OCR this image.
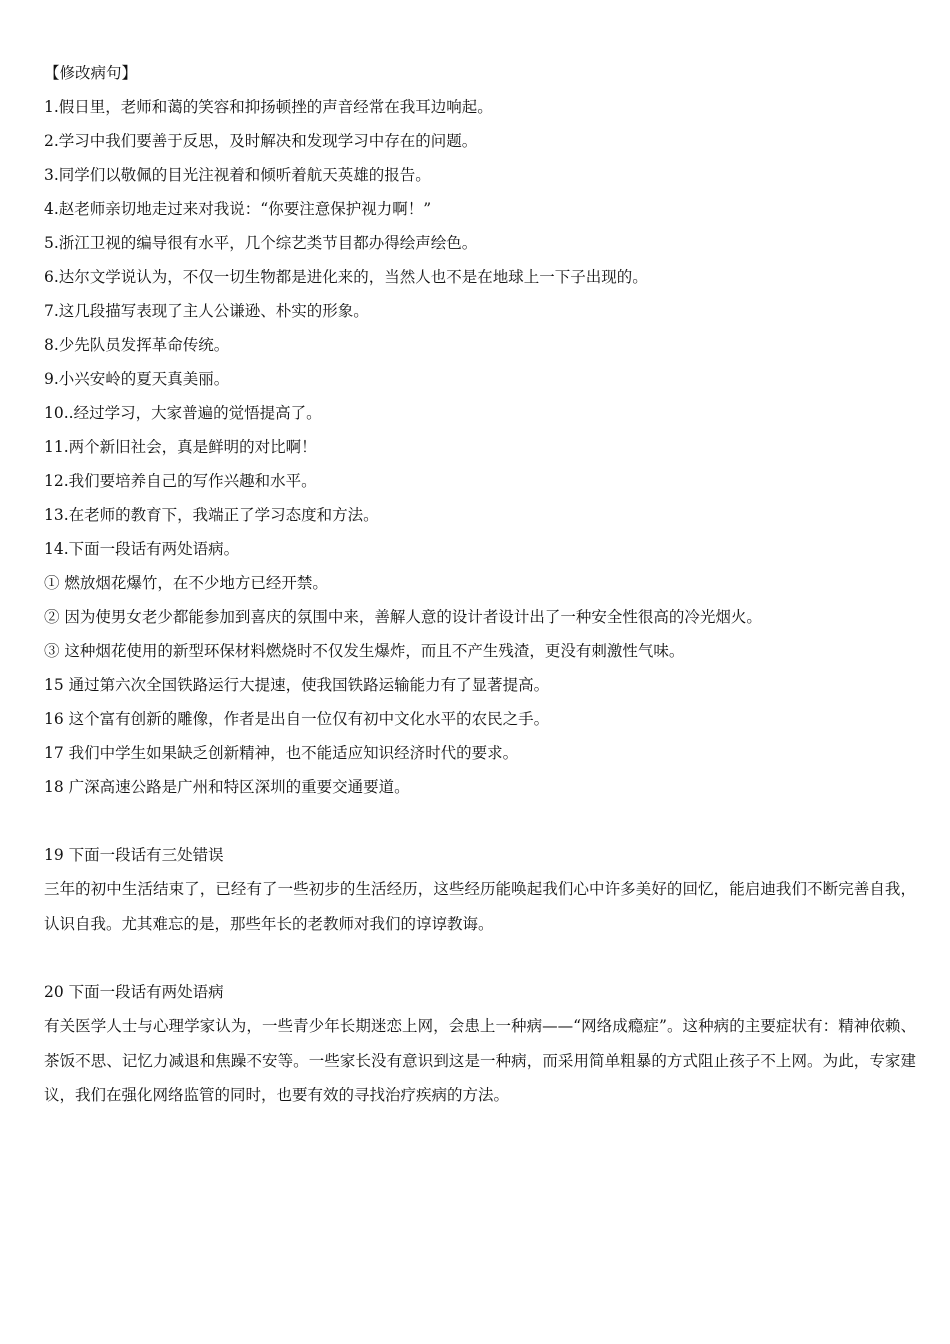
【修改病句】
1.假日里，老师和蔼的笑容和抑扬顿挫的声音经常在我耳边响起。
2.学习中我们要善于反思，及时解决和发现学习中存在的问题。
3.同学们以敬佩的目光注视着和倾听着航天英雄的报告。
4.赵老师亲切地走过来对我说：“你要注意保护视力啊！”
5.浙江卫视的编导很有水平，几个综艺类节目都办得绘声绘色。
6.达尔文学说认为，不仅一切生物都是进化来的，当然人也不是在地球上一下子出现的。
7.这几段描写表现了主人公谦逊、朴实的形象。
8.少先队员发挥革命传统。
9.小兴安岭的夏天真美丽。
10..经过学习，大家普遍的觉悟提高了。
11.两个新旧社会，真是鲜明的对比啊！
12.我们要培养自己的写作兴趣和水平。
13.在老师的教育下，我端正了学习态度和方法。
14.下面一段话有两处语病。
① 燃放烟花爆竹，在不少地方已经开禁。
② 因为使男女老少都能参加到喜庆的氛围中来，善解人意的设计者设计出了一种安全性很高的冷光烟火。
③ 这种烟花使用的新型环保材料燃烧时不仅发生爆炸，而且不产生残渣，更没有刺激性气味。
15 通过第六次全国铁路运行大提速，使我国铁路运输能力有了显著提高。
16 这个富有创新的雕像，作者是出自一位仅有初中文化水平的农民之手。
17 我们中学生如果缺乏创新精神，也不能适应知识经济时代的要求。
18 广深高速公路是广州和特区深圳的重要交通要道。
19 下面一段话有三处错误
三年的初中生活结束了，已经有了一些初步的生活经历，这些经历能唤起我们心中许多美好的回忆，能启迪我们不断完善自我，认识自我。尤其难忘的是，那些年长的老教师对我们的谆谆教诲。
20 下面一段话有两处语病
有关医学人士与心理学家认为，一些青少年长期迷恋上网，会患上一种病——“网络成瘾症”。这种病的主要症状有：精神依赖、茶饭不思、记忆力减退和焦躁不安等。一些家长没有意识到这是一种病，而采用简单粗暴的方式阻止孩子不上网。为此，专家建议，我们在强化网络监管的同时，也要有效的寻找治疗疾病的方法。
